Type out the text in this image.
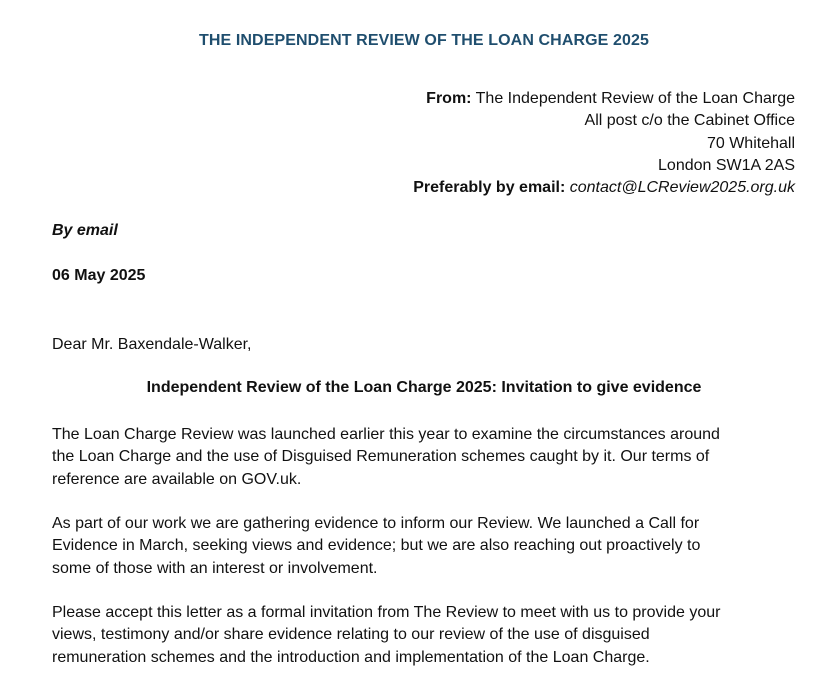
THE INDEPENDENT REVIEW OF THE LOAN CHARGE 2025
From: The Independent Review of the Loan Charge
All post c/o the Cabinet Office
70 Whitehall
London SW1A 2AS
Preferably by email: contact@LCReview2025.org.uk
By email
06 May 2025
Dear Mr. Baxendale-Walker,
Independent Review of the Loan Charge 2025: Invitation to give evidence
The Loan Charge Review was launched earlier this year to examine the circumstances around
the Loan Charge and the use of Disguised Remuneration schemes caught by it. Our terms of
reference are available on GOV.uk.
As part of our work we are gathering evidence to inform our Review. We launched a Call for
Evidence in March, seeking views and evidence; but we are also reaching out proactively to
some of those with an interest or involvement.
Please accept this letter as a formal invitation from The Review to meet with us to provide your
views, testimony and/or share evidence relating to our review of the use of disguised
remuneration schemes and the introduction and implementation of the Loan Charge.
